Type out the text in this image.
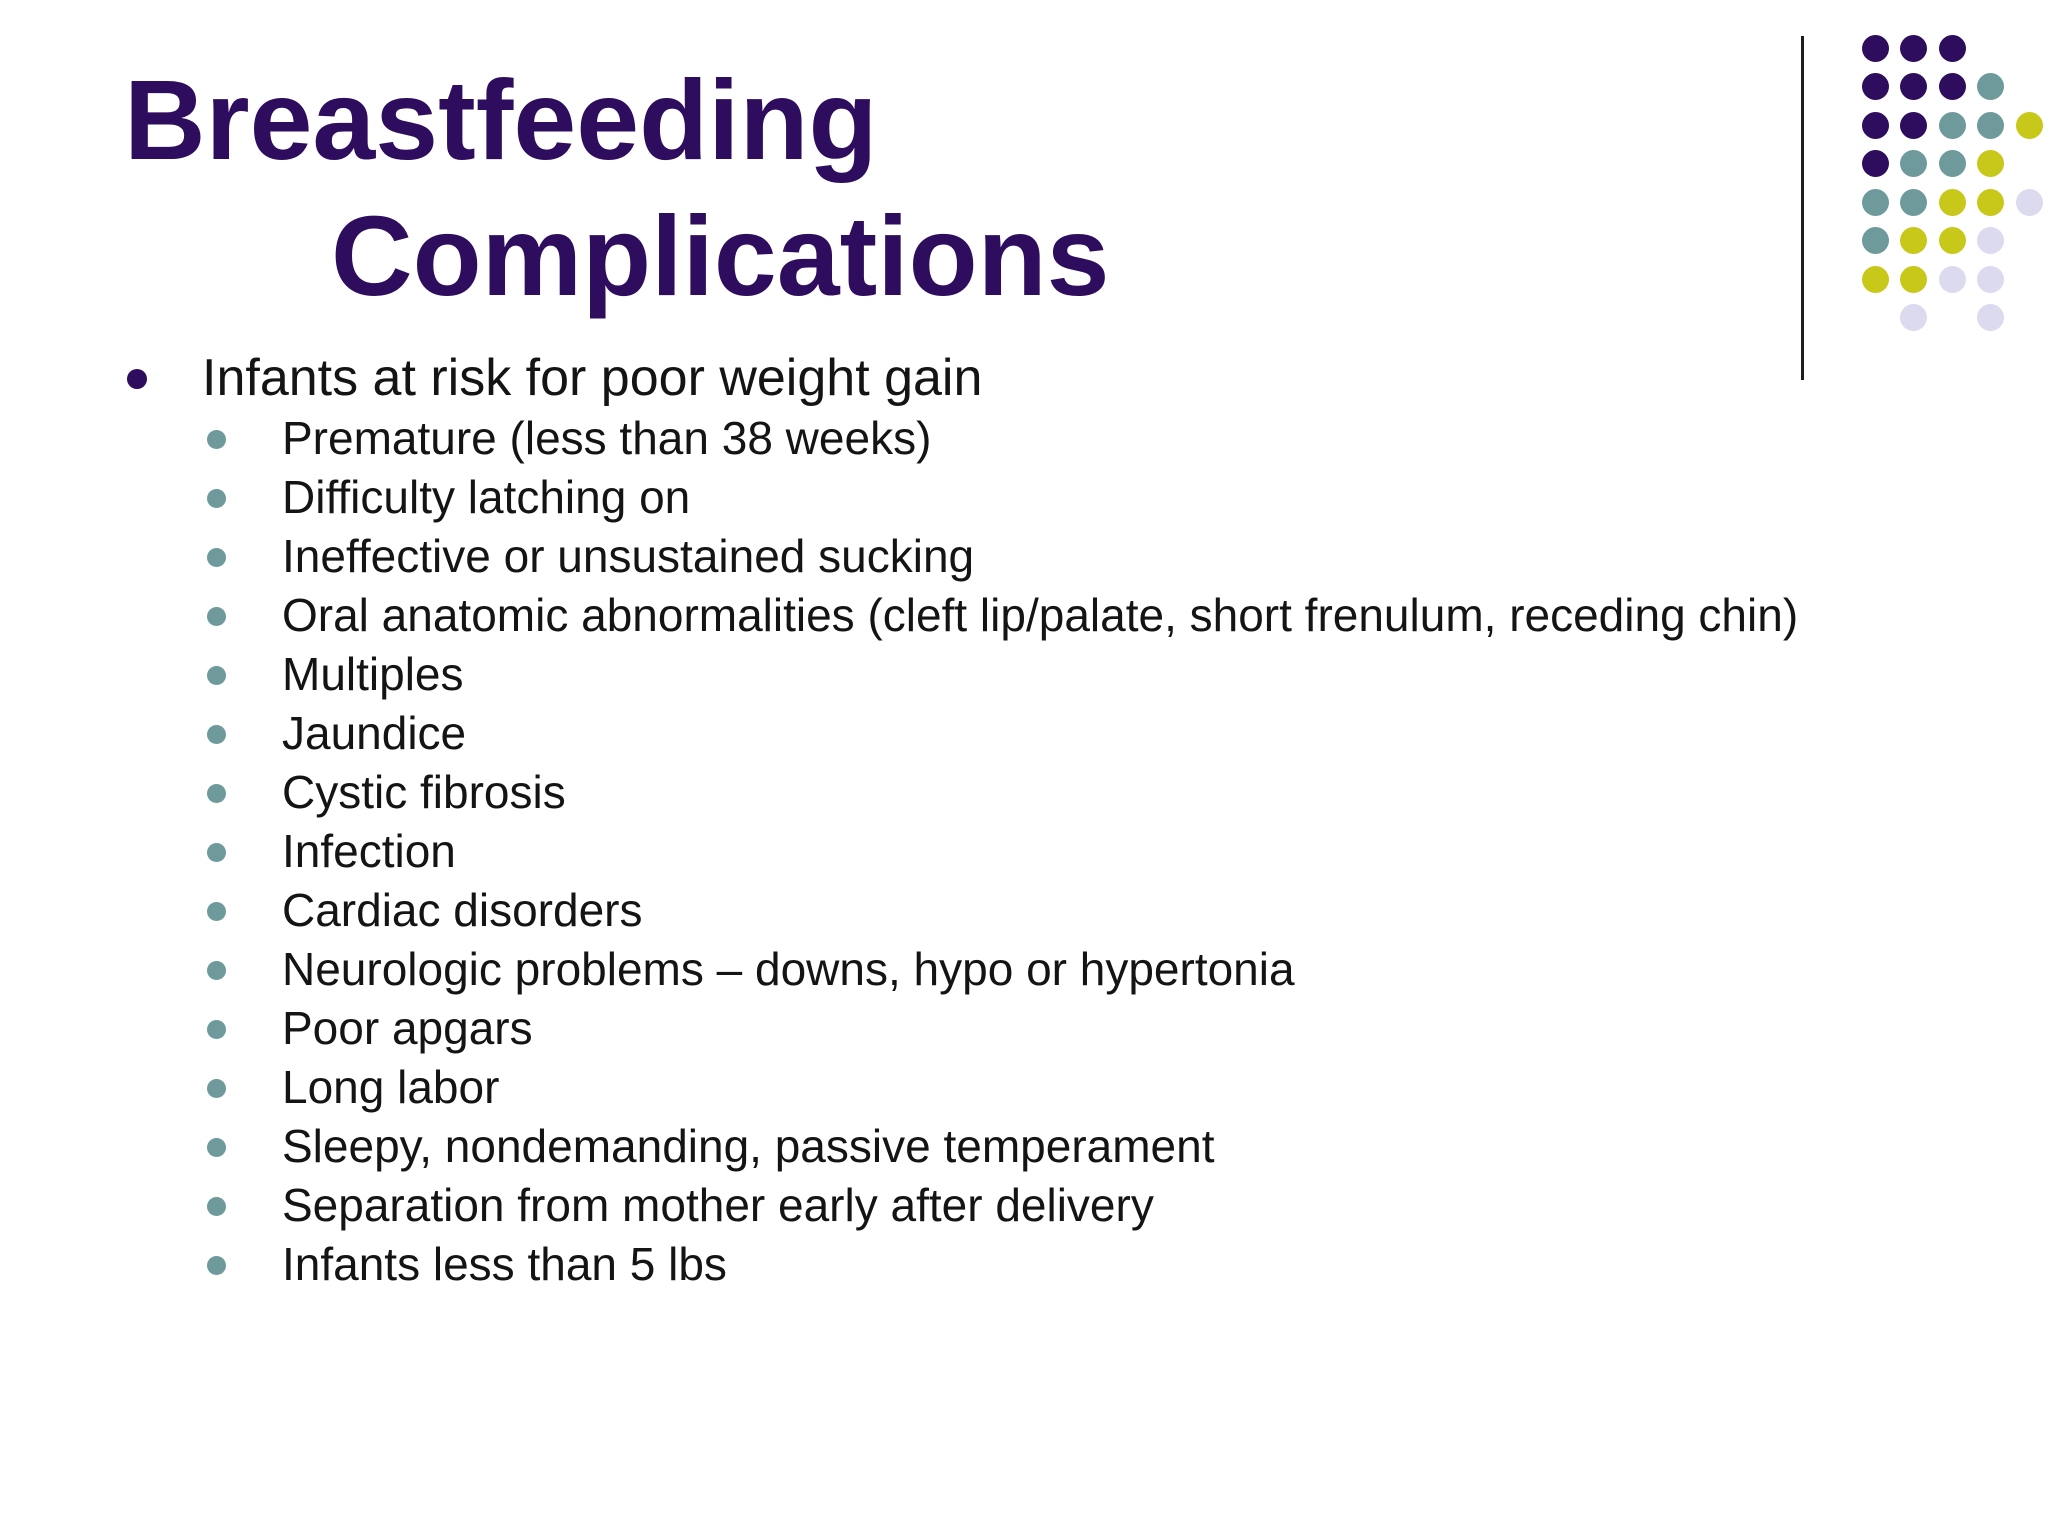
Breastfeeding
Complications
Infants at risk for poor weight gain
Premature (less than 38 weeks)
Difficulty latching on
Ineffective or unsustained sucking
Oral anatomic abnormalities (cleft lip/palate, short frenulum, receding chin)
Multiples
Jaundice
Cystic fibrosis
Infection
Cardiac disorders
Neurologic problems – downs, hypo or hypertonia
Poor apgars
Long labor
Sleepy, nondemanding, passive temperament
Separation from mother early after delivery
Infants less than 5 lbs
